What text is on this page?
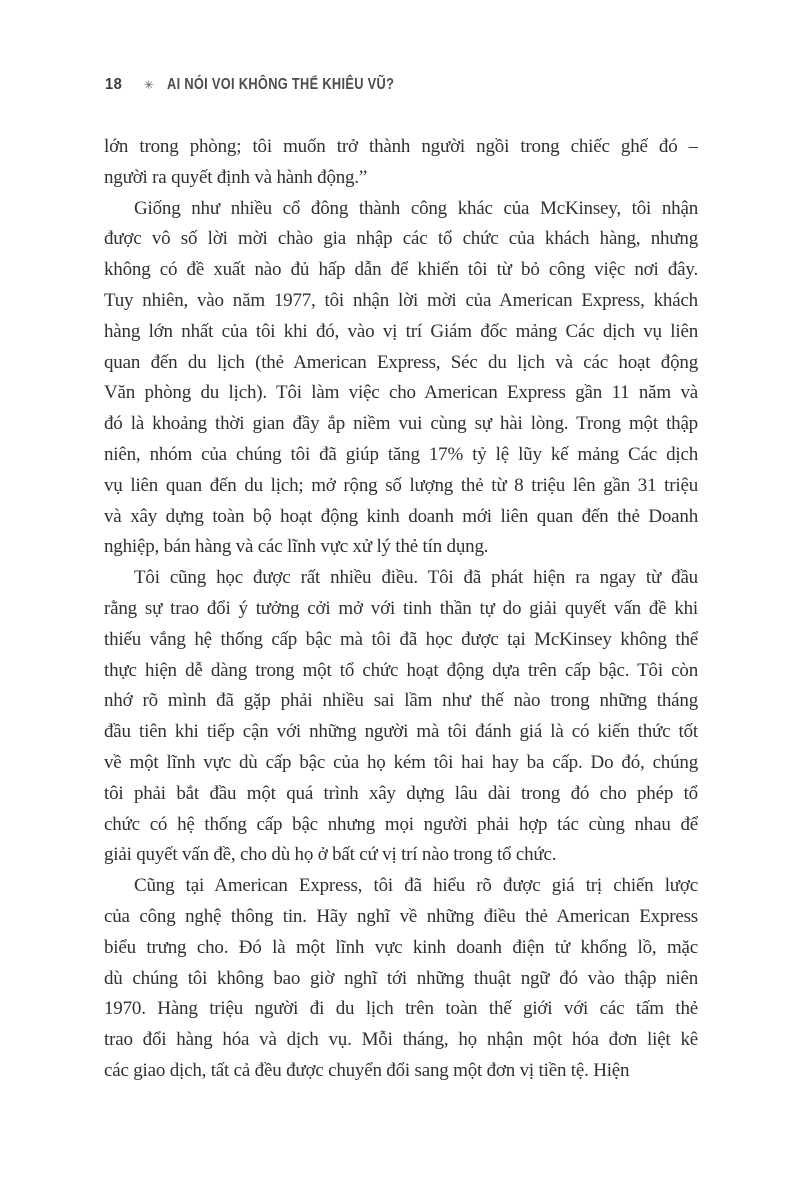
18 ✳ AI NÓI VOI KHÔNG THỂ KHIÊU VŨ?
lớn trong phòng; tôi muốn trở thành người ngồi trong chiếc ghế đó –
người ra quyết định và hành động.”
Giống như nhiều cổ đông thành công khác của McKinsey, tôi nhận
được vô số lời mời chào gia nhập các tổ chức của khách hàng, nhưng
không có đề xuất nào đủ hấp dẫn để khiến tôi từ bỏ công việc nơi đây.
Tuy nhiên, vào năm 1977, tôi nhận lời mời của American Express, khách
hàng lớn nhất của tôi khi đó, vào vị trí Giám đốc mảng Các dịch vụ liên
quan đến du lịch (thẻ American Express, Séc du lịch và các hoạt động
Văn phòng du lịch). Tôi làm việc cho American Express gần 11 năm và
đó là khoảng thời gian đầy ắp niềm vui cùng sự hài lòng. Trong một thập
niên, nhóm của chúng tôi đã giúp tăng 17% tỷ lệ lũy kế mảng Các dịch
vụ liên quan đến du lịch; mở rộng số lượng thẻ từ 8 triệu lên gần 31 triệu
và xây dựng toàn bộ hoạt động kinh doanh mới liên quan đến thẻ Doanh
nghiệp, bán hàng và các lĩnh vực xử lý thẻ tín dụng.
Tôi cũng học được rất nhiều điều. Tôi đã phát hiện ra ngay từ đầu
rằng sự trao đổi ý tưởng cởi mở với tinh thần tự do giải quyết vấn đề khi
thiếu vắng hệ thống cấp bậc mà tôi đã học được tại McKinsey không thể
thực hiện dễ dàng trong một tổ chức hoạt động dựa trên cấp bậc. Tôi còn
nhớ rõ mình đã gặp phải nhiều sai lầm như thế nào trong những tháng
đầu tiên khi tiếp cận với những người mà tôi đánh giá là có kiến thức tốt
về một lĩnh vực dù cấp bậc của họ kém tôi hai hay ba cấp. Do đó, chúng
tôi phải bắt đầu một quá trình xây dựng lâu dài trong đó cho phép tổ
chức có hệ thống cấp bậc nhưng mọi người phải hợp tác cùng nhau để
giải quyết vấn đề, cho dù họ ở bất cứ vị trí nào trong tổ chức.
Cũng tại American Express, tôi đã hiểu rõ được giá trị chiến lược
của công nghệ thông tin. Hãy nghĩ về những điều thẻ American Express
biểu trưng cho. Đó là một lĩnh vực kinh doanh điện tử khổng lồ, mặc
dù chúng tôi không bao giờ nghĩ tới những thuật ngữ đó vào thập niên
1970. Hàng triệu người đi du lịch trên toàn thế giới với các tấm thẻ
trao đổi hàng hóa và dịch vụ. Mỗi tháng, họ nhận một hóa đơn liệt kê
các giao dịch, tất cả đều được chuyển đổi sang một đơn vị tiền tệ. Hiện
